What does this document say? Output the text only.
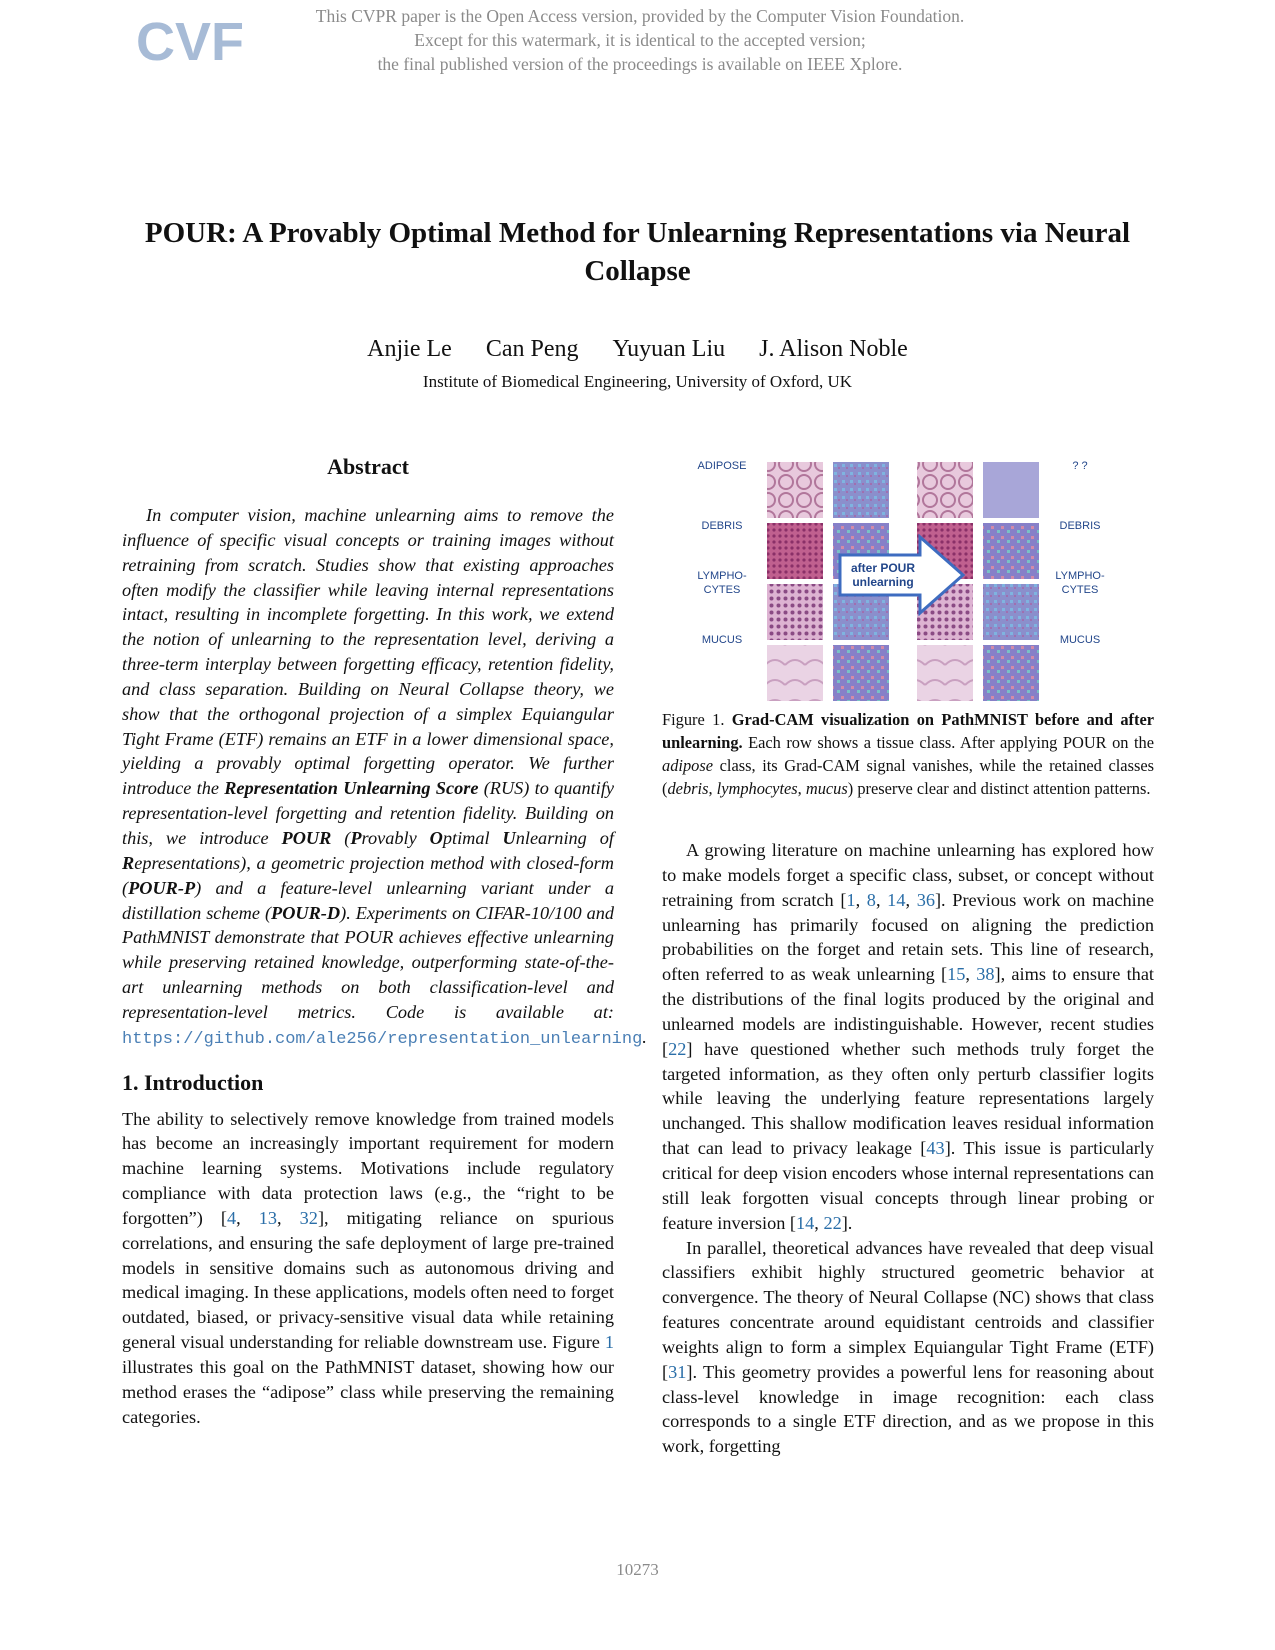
CVF	This CVPR paper is the Open Access version, provided by the Computer Vision Foundation.
Except for this watermark, it is identical to the accepted version;
the final published version of the proceedings is available on IEEE Xplore.
POUR: A Provably Optimal Method for Unlearning Representations via Neural Collapse
Anjie Le Can Peng Yuyuan Liu J. Alison Noble
Institute of Biomedical Engineering, University of Oxford, UK
Abstract

In computer vision, machine unlearning aims to remove the influence of specific visual concepts or training images without retraining from scratch. Studies show that existing approaches often modify the classifier while leaving internal representations intact, resulting in incomplete forgetting. In this work, we extend the notion of unlearning to the representation level, deriving a three-term interplay between forgetting efficacy, retention fidelity, and class separation. Building on Neural Collapse theory, we show that the orthogonal projection of a simplex Equiangular Tight Frame (ETF) remains an ETF in a lower dimensional space, yielding a provably optimal forgetting operator. We further introduce the Representation Unlearning Score (RUS) to quantify representation-level forgetting and retention fidelity. Building on this, we introduce POUR (Provably Optimal Unlearning of Representations), a geometric projection method with closed-form (POUR-P) and a feature-level unlearning variant under a distillation scheme (POUR-D). Experiments on CIFAR-10/100 and PathMNIST demonstrate that POUR achieves effective unlearning while preserving retained knowledge, outperforming state-of-the-art unlearning methods on both classification-level and representation-level metrics. Code is available at: https://github.com/ale256/representation_unlearning.

1. Introduction

The ability to selectively remove knowledge from trained models has become an increasingly important requirement for modern machine learning systems. Motivations include regulatory compliance with data protection laws (e.g., the “right to be forgotten”) [4, 13, 32], mitigating reliance on spurious correlations, and ensuring the safe deployment of large pre-trained models in sensitive domains such as autonomous driving and medical imaging. In these applications, models often need to forget outdated, biased, or privacy-sensitive visual data while retaining general visual understanding for reliable downstream use. Figure 1 illustrates this goal on the PathMNIST dataset, showing how our method erases the “adipose” class while preserving the remaining categories.

after POUR
unlearning
ADIPOSE
DEBRIS
LYMPHO-
CYTES
MUCUS
? ?
DEBRIS
LYMPHO-
CYTES
MUCUS
Figure 1. Grad-CAM visualization on PathMNIST before and after unlearning. Each row shows a tissue class. After applying POUR on the adipose class, its Grad-CAM signal vanishes, while the retained classes (debris, lymphocytes, mucus) preserve clear and distinct attention patterns.

A growing literature on machine unlearning has explored how to make models forget a specific class, subset, or concept without retraining from scratch [1, 8, 14, 36]. Previous work on machine unlearning has primarily focused on aligning the prediction probabilities on the forget and retain sets. This line of research, often referred to as weak unlearning [15, 38], aims to ensure that the distributions of the final logits produced by the original and unlearned models are indistinguishable. However, recent studies [22] have questioned whether such methods truly forget the targeted information, as they often only perturb classifier logits while leaving the underlying feature representations largely unchanged. This shallow modification leaves residual information that can lead to privacy leakage [43]. This issue is particularly critical for deep vision encoders whose internal representations can still leak forgotten visual concepts through linear probing or feature inversion [14, 22].

In parallel, theoretical advances have revealed that deep visual classifiers exhibit highly structured geometric behavior at convergence. The theory of Neural Collapse (NC) shows that class features concentrate around equidistant centroids and classifier weights align to form a simplex Equiangular Tight Frame (ETF) [31]. This geometry provides a powerful lens for reasoning about class-level knowledge in image recognition: each class corresponds to a single ETF direction, and as we propose in this work, forgetting

10273
